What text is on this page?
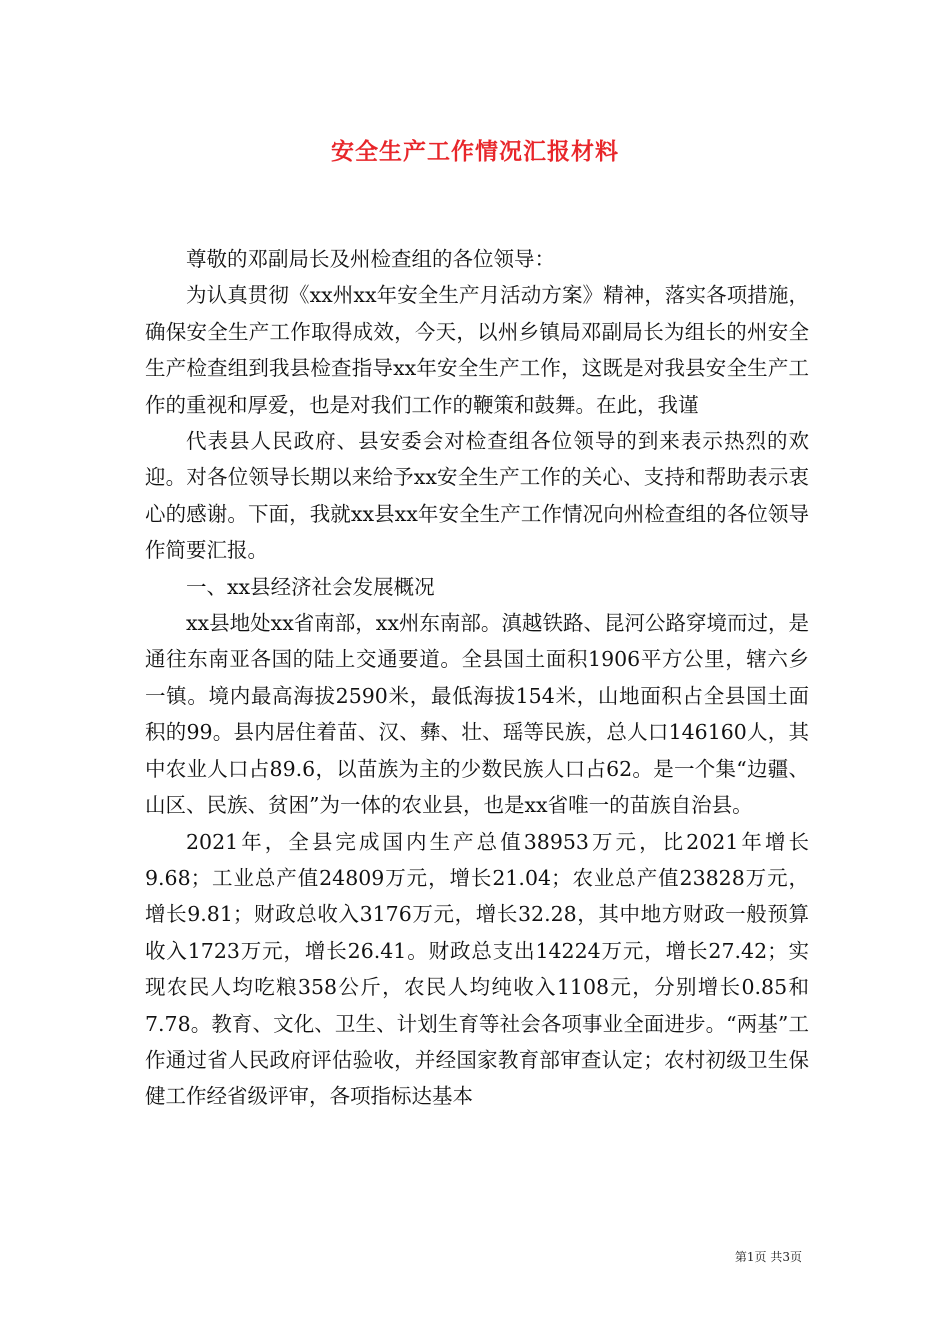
安全生产工作情况汇报材料

尊敬的邓副局长及州检查组的各位领导：

为认真贯彻《xx州xx年安全生产月活动方案》精神，落实各项措施，确保安全生产工作取得成效，今天，以州乡镇局邓副局长为组长的州安全生产检查组到我县检查指导xx年安全生产工作，这既是对我县安全生产工作的重视和厚爱，也是对我们工作的鞭策和鼓舞。在此，我谨

代表县人民政府、县安委会对检查组各位领导的到来表示热烈的欢迎。对各位领导长期以来给予xx安全生产工作的关心、支持和帮助表示衷心的感谢。下面，我就xx县xx年安全生产工作情况向州检查组的各位领导作简要汇报。

一、xx县经济社会发展概况

xx县地处xx省南部，xx州东南部。滇越铁路、昆河公路穿境而过，是通往东南亚各国的陆上交通要道。全县国土面积1906平方公里，辖六乡一镇。境内最高海拔2590米，最低海拔154米，山地面积占全县国土面积的99。县内居住着苗、汉、彝、壮、瑶等民族，总人口146160人，其中农业人口占89.6，以苗族为主的少数民族人口占62。是一个集“边疆、山区、民族、贫困”为一体的农业县，也是xx省唯一的苗族自治县。

2021年，全县完成国内生产总值38953万元，比2021年增长9.68；工业总产值24809万元，增长21.04；农业总产值23828万元，增长9.81；财政总收入3176万元，增长32.28，其中地方财政一般预算收入1723万元，增长26.41。财政总支出14224万元，增长27.42；实现农民人均吃粮358公斤，农民人均纯收入1108元，分别增长0.85和7.78。教育、文化、卫生、计划生育等社会各项事业全面进步。“两基”工作通过省人民政府评估验收，并经国家教育部审查认定；农村初级卫生保健工作经省级评审，各项指标达基本

第1页 共3页
